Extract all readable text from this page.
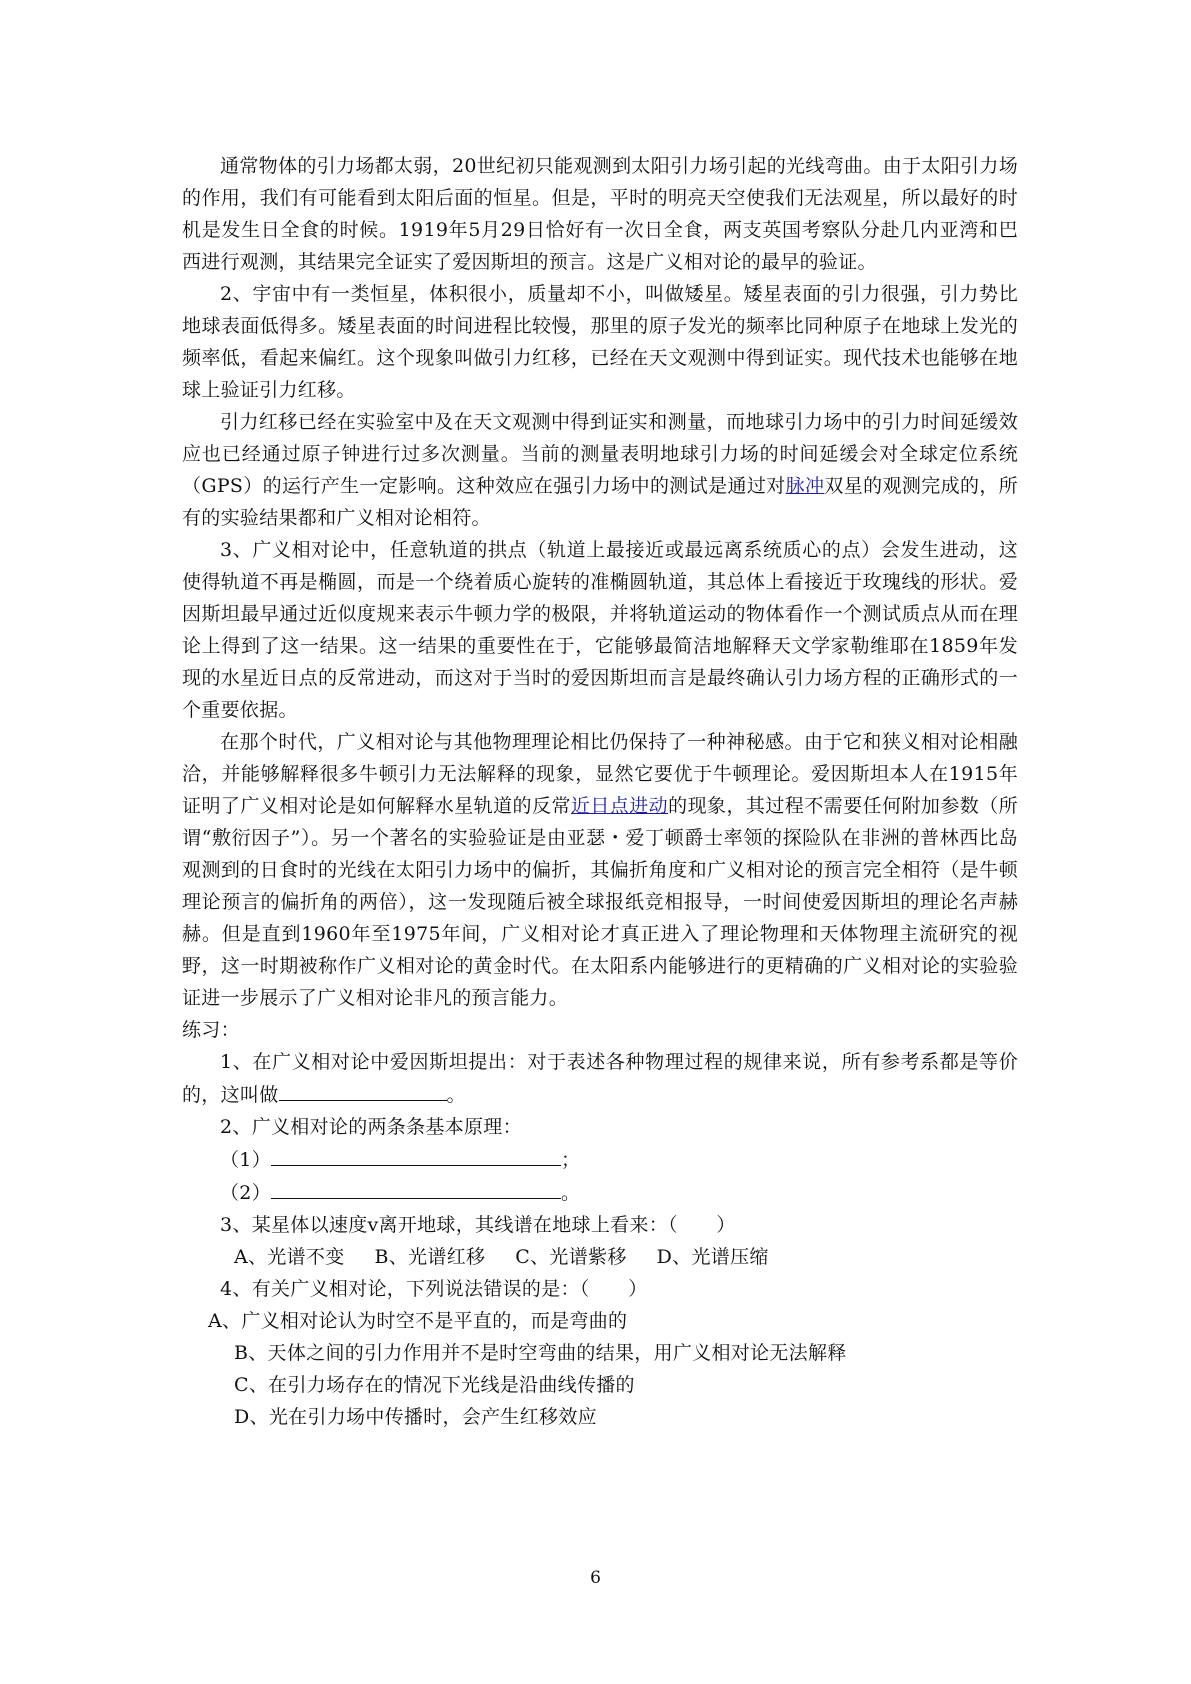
通常物体的引力场都太弱，20世纪初只能观测到太阳引力场引起的光线弯曲。由于太阳引力场的作用，我们有可能看到太阳后面的恒星。但是，平时的明亮天空使我们无法观星，所以最好的时机是发生日全食的时候。1919年5月29日恰好有一次日全食，两支英国考察队分赴几内亚湾和巴西进行观测，其结果完全证实了爱因斯坦的预言。这是广义相对论的最早的验证。

2、宇宙中有一类恒星，体积很小，质量却不小，叫做矮星。矮星表面的引力很强，引力势比地球表面低得多。矮星表面的时间进程比较慢，那里的原子发光的频率比同种原子在地球上发光的频率低，看起来偏红。这个现象叫做引力红移，已经在天文观测中得到证实。现代技术也能够在地球上验证引力红移。

引力红移已经在实验室中及在天文观测中得到证实和测量，而地球引力场中的引力时间延缓效应也已经通过原子钟进行过多次测量。当前的测量表明地球引力场的时间延缓会对全球定位系统（GPS）的运行产生一定影响。这种效应在强引力场中的测试是通过对脉冲双星的观测完成的，所有的实验结果都和广义相对论相符。

3、广义相对论中，任意轨道的拱点（轨道上最接近或最远离系统质心的点）会发生进动，这使得轨道不再是椭圆，而是一个绕着质心旋转的准椭圆轨道，其总体上看接近于玫瑰线的形状。爱因斯坦最早通过近似度规来表示牛顿力学的极限，并将轨道运动的物体看作一个测试质点从而在理论上得到了这一结果。这一结果的重要性在于，它能够最简洁地解释天文学家勒维耶在1859年发现的水星近日点的反常进动，而这对于当时的爱因斯坦而言是最终确认引力场方程的正确形式的一个重要依据。

在那个时代，广义相对论与其他物理理论相比仍保持了一种神秘感。由于它和狭义相对论相融洽，并能够解释很多牛顿引力无法解释的现象，显然它要优于牛顿理论。爱因斯坦本人在1915年证明了广义相对论是如何解释水星轨道的反常近日点进动的现象，其过程不需要任何附加参数（所谓“敷衍因子”）。另一个著名的实验验证是由亚瑟・爱丁顿爵士率领的探险队在非洲的普林西比岛观测到的日食时的光线在太阳引力场中的偏折，其偏折角度和广义相对论的预言完全相符（是牛顿理论预言的偏折角的两倍），这一发现随后被全球报纸竞相报导，一时间使爱因斯坦的理论名声赫赫。但是直到1960年至1975年间，广义相对论才真正进入了理论物理和天体物理主流研究的视野，这一时期被称作广义相对论的黄金时代。在太阳系内能够进行的更精确的广义相对论的实验验证进一步展示了广义相对论非凡的预言能力。

练习：

1、在广义相对论中爱因斯坦提出：对于表述各种物理过程的规律来说，所有参考系都是等价的，这叫做	。

2、广义相对论的两条条基本原理：

（1）	；

（2）	。

3、某星体以速度v离开地球，其线谱在地球上看来：（　　）

A、光谱不变 B、光谱红移 C、光谱紫移 D、光谱压缩

4、有关广义相对论，下列说法错误的是：（　　）

A、广义相对论认为时空不是平直的，而是弯曲的

B、天体之间的引力作用并不是时空弯曲的结果，用广义相对论无法解释

C、在引力场存在的情况下光线是沿曲线传播的

D、光在引力场中传播时，会产生红移效应

6
